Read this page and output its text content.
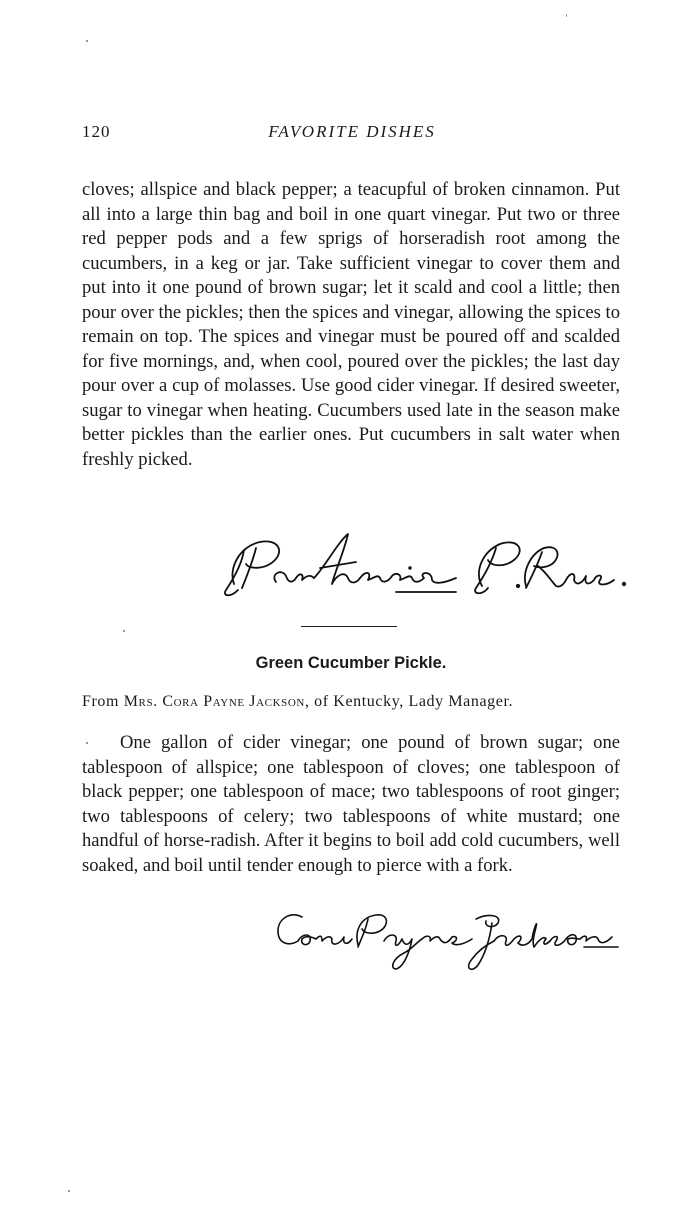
120	FAVORITE DISHES

cloves; allspice and black pepper; a teacupful of broken cinnamon. Put all into a large thin bag and boil in one quart vinegar. Put two or three red pepper pods and a few sprigs of horseradish root among the cucumbers, in a keg or jar. Take sufficient vinegar to cover them and put into it one pound of brown sugar; let it scald and cool a little; then pour over the pickles; then the spices and vinegar, allowing the spices to remain on top. The spices and vinegar must be poured off and scalded for five mornings, and, when cool, poured over the pickles; the last day pour over a cup of molasses. Use good cider vinegar. If desired sweeter, sugar to vinegar when heating. Cucumbers used late in the season make better pickles than the earlier ones. Put cucumbers in salt water when freshly picked.

Green Cucumber Pickle.

From Mrs. Cora Payne Jackson, of Kentucky, Lady Manager.

One gallon of cider vinegar; one pound of brown sugar; one tablespoon of allspice; one tablespoon of cloves; one tablespoon of black pepper; one tablespoon of mace; two tablespoons of root ginger; two tablespoons of celery; two tablespoons of white mustard; one handful of horse-radish. After it begins to boil add cold cucumbers, well soaked, and boil until tender enough to pierce with a fork.
